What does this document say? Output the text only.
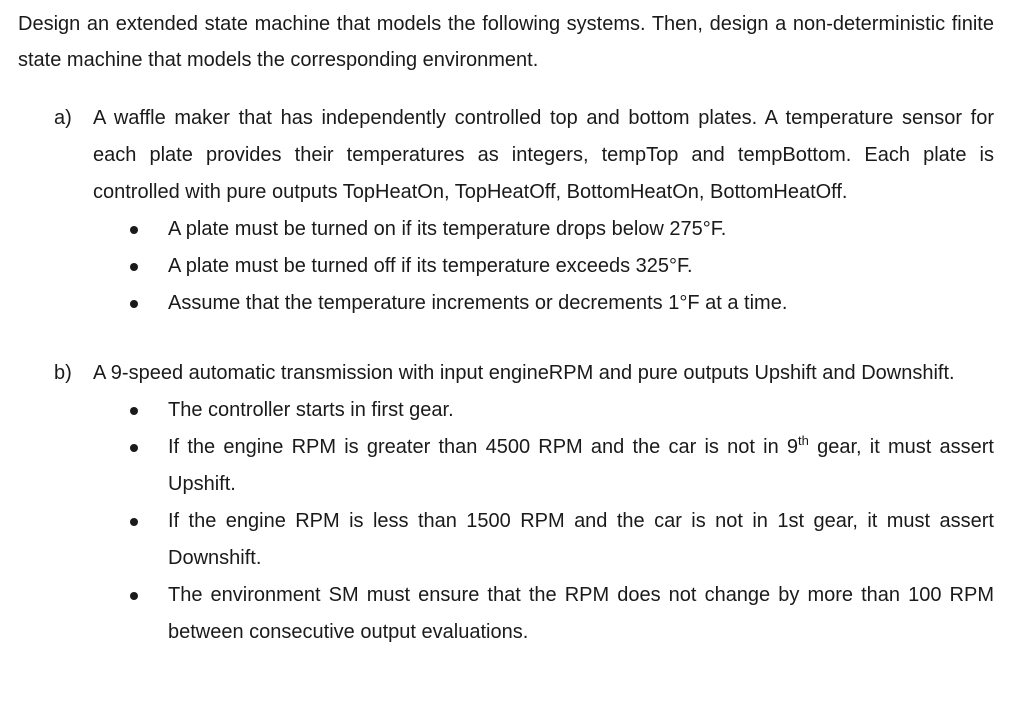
Design an extended state machine that models the following systems. Then, design a non-deterministic finite state machine that models the corresponding environment.

a) A waffle maker that has independently controlled top and bottom plates. A temperature sensor for each plate provides their temperatures as integers, tempTop and tempBottom. Each plate is controlled with pure outputs TopHeatOn, TopHeatOff, BottomHeatOn, BottomHeatOff.

A plate must be turned on if its temperature drops below 275°F.
A plate must be turned off if its temperature exceeds 325°F.
Assume that the temperature increments or decrements 1°F at a time.
b) A 9-speed automatic transmission with input engineRPM and pure outputs Upshift and Downshift.

The controller starts in first gear.
If the engine RPM is greater than 4500 RPM and the car is not in 9th gear, it must assert Upshift.
If the engine RPM is less than 1500 RPM and the car is not in 1st gear, it must assert Downshift.
The environment SM must ensure that the RPM does not change by more than 100 RPM between consecutive output evaluations.
